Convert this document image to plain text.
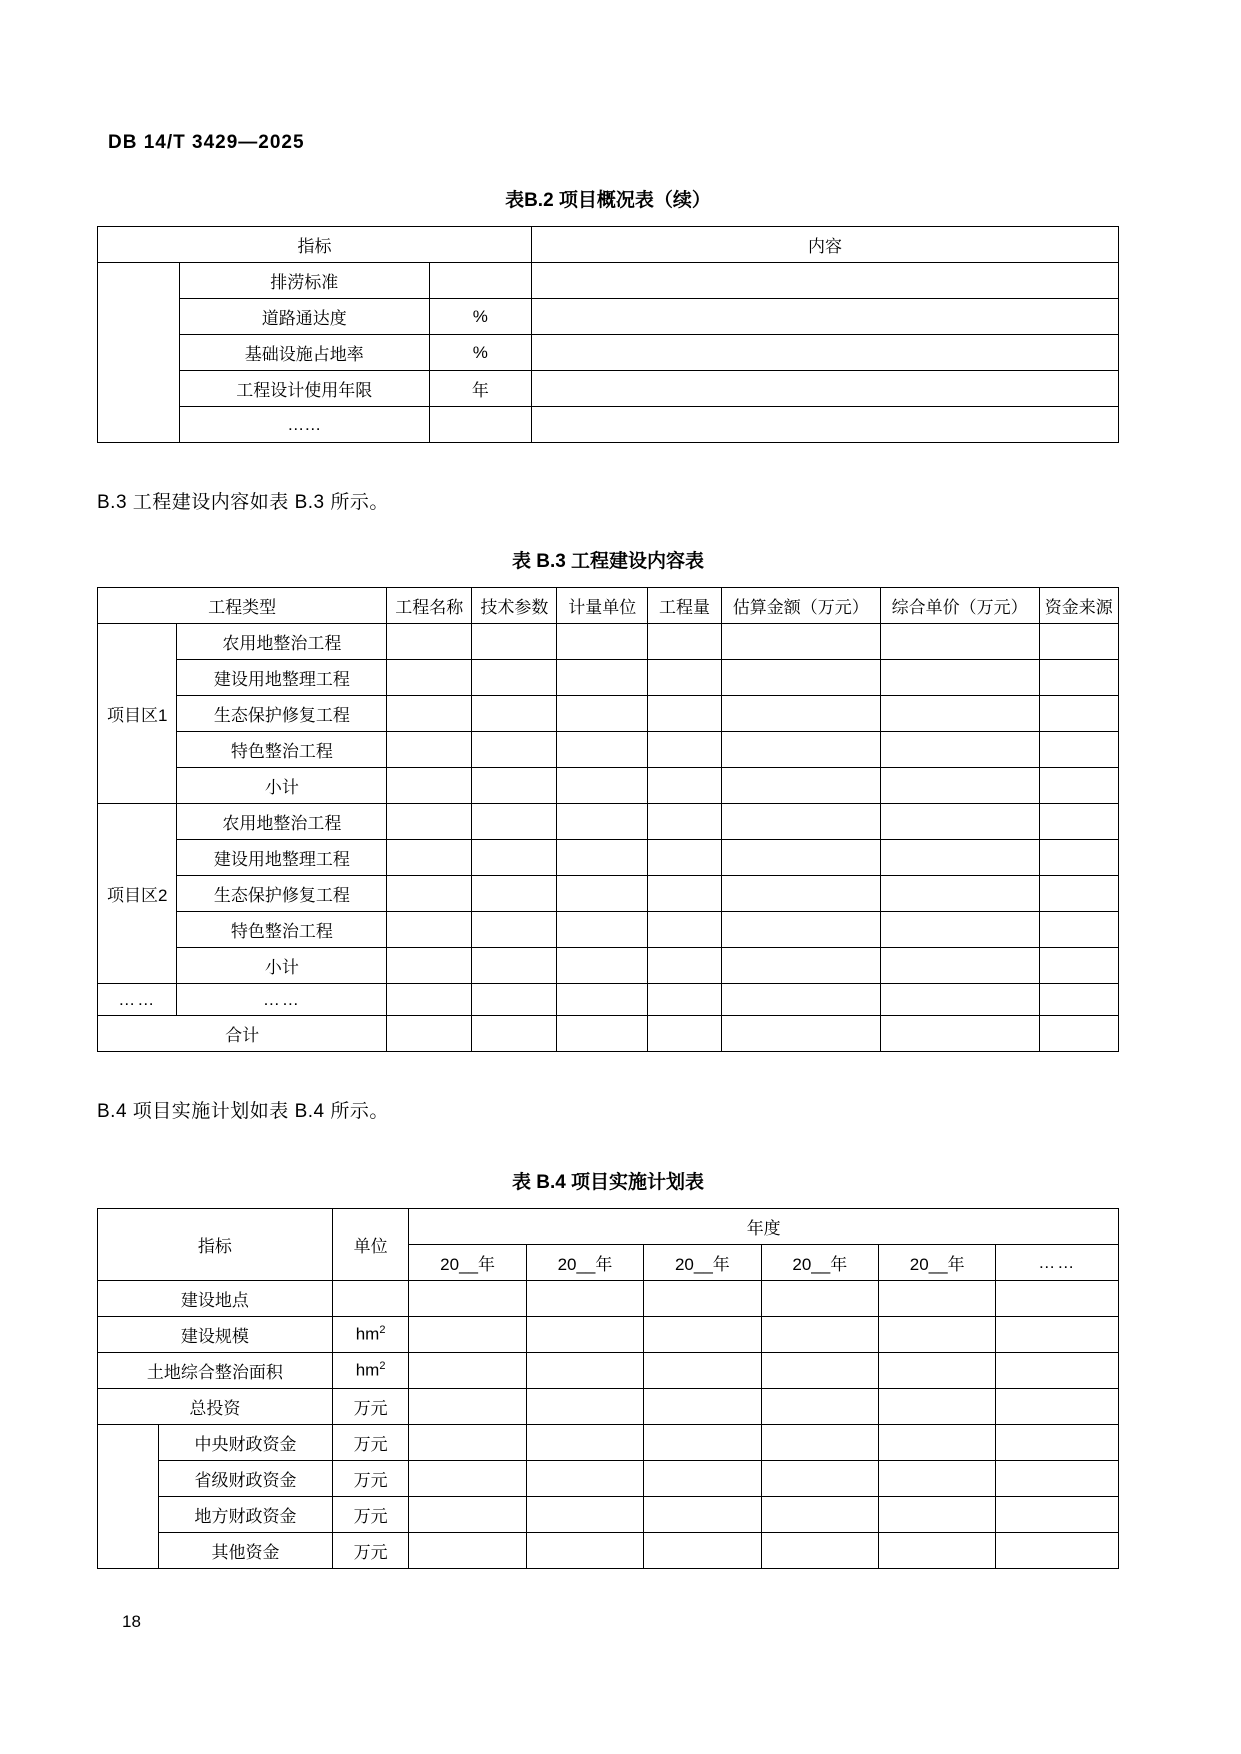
DB 14/T 3429—2025
表B.2 项目概况表（续）
指标			内容
	排涝标准		
	道路通达度	%	
	基础设施占地率	%	
	工程设计使用年限	年	
	……		

B.3 工程建设内容如表 B.3 所示。

表 B.3 工程建设内容表
工程类型		工程名称	技术参数	计量单位	工程量	估算金额（万元）	综合单价（万元）	资金来源

项目区1	农用地整治工程							
	建设用地整理工程							
	生态保护修复工程							
	特色整治工程							
	小计							
项目区2	农用地整治工程							
	建设用地整理工程							
	生态保护修复工程							
	特色整治工程							
	小计							
……	……							
合计								

B.4 项目实施计划如表 B.4 所示。

表 B.4 项目实施计划表
指标		单位	年度					
			20__年	20__年	20__年	20__年	20__年	……
建设地点								
建设规模		$hm^2$						
土地综合整治面积		$hm^2$						
总投资		万元						
	中央财政资金	万元						
	省级财政资金	万元						
	地方财政资金	万元						
	其他资金	万元						
18
